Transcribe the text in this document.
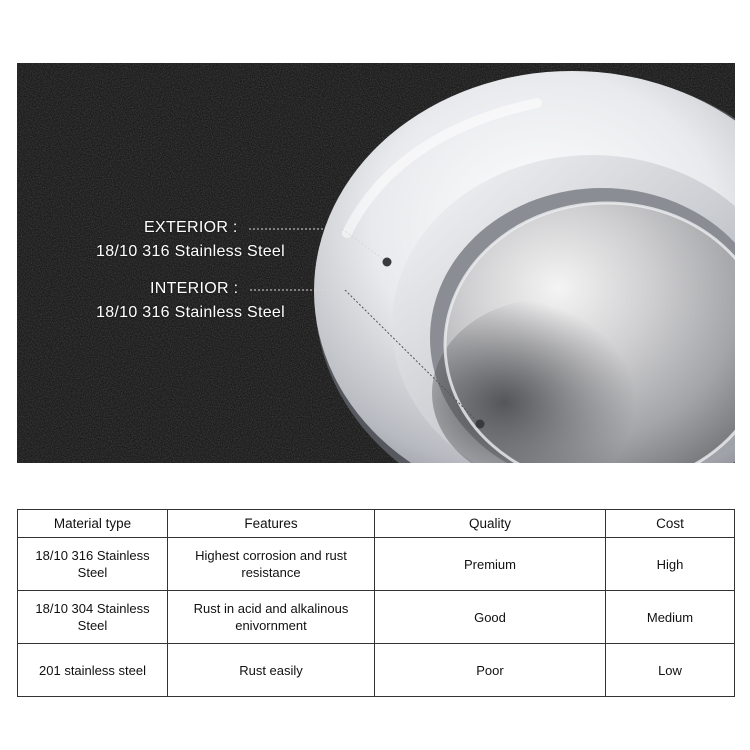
EXTERIOR :
18/10 316 Stainless Steel
INTERIOR :
18/10 316 Stainless Steel
Material type	Features	Quality	Cost
18/10 316 Stainless Steel	Highest corrosion and rust resistance	Premium	High
18/10 304 Stainless Steel	Rust in acid and alkalinous enivornment	Good	Medium
201 stainless steel	Rust easily	Poor	Low
